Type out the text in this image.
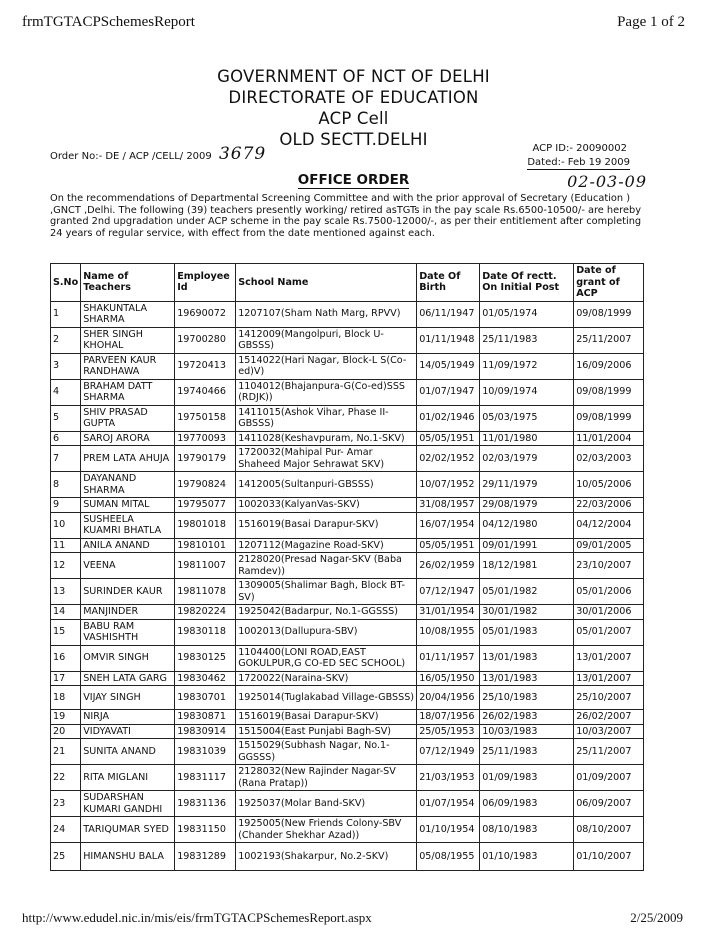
frmTGTACPSchemesReport	Page 1 of 2
GOVERNMENT OF NCT OF DELHI
DIRECTORATE OF EDUCATION
ACP Cell
OLD SECTT.DELHI
Order No:- DE / ACP /CELL/ 2009 3679	ACP ID:- 20090002
Dated:- Feb 19 2009
02-03-09
OFFICE ORDER
On the recommendations of Departmental Screening Committee and with the prior approval of Secretary (Education ) ,GNCT ,Delhi. The following (39) teachers presently working/ retired asTGTs in the pay scale Rs.6500-10500/- are hereby granted 2nd upgradation under ACP scheme in the pay scale Rs.7500-12000/-, as per their entitlement after completing 24 years of regular service, with effect from the date mentioned against each.
S.No	Name of Teachers	Employee Id	School Name	Date Of Birth	Date Of rectt. On Initial Post	Date of grant of ACP
1	SHAKUNTALA SHARMA	19690072	1207107(Sham Nath Marg, RPVV)	06/11/1947	01/05/1974	09/08/1999
2	SHER SINGH KHOHAL	19700280	1412009(Mangolpuri, Block U-GBSSS)	01/11/1948	25/11/1983	25/11/2007
3	PARVEEN KAUR RANDHAWA	19720413	1514022(Hari Nagar, Block-L S(Co-ed)V)	14/05/1949	11/09/1972	16/09/2006
4	BRAHAM DATT SHARMA	19740466	1104012(Bhajanpura-G(Co-ed)SSS (RDJK))	01/07/1947	10/09/1974	09/08/1999
5	SHIV PRASAD GUPTA	19750158	1411015(Ashok Vihar, Phase II-GBSSS)	01/02/1946	05/03/1975	09/08/1999
6	SAROJ ARORA	19770093	1411028(Keshavpuram, No.1-SKV)	05/05/1951	11/01/1980	11/01/2004
7	PREM LATA AHUJA	19790179	1720032(Mahipal Pur- Amar Shaheed Major Sehrawat SKV)	02/02/1952	02/03/1979	02/03/2003
8	DAYANAND SHARMA	19790824	1412005(Sultanpuri-GBSSS)	10/07/1952	29/11/1979	10/05/2006
9	SUMAN MITAL	19795077	1002033(KalyanVas-SKV)	31/08/1957	29/08/1979	22/03/2006
10	SUSHEELA KUAMRI BHATLA	19801018	1516019(Basai Darapur-SKV)	16/07/1954	04/12/1980	04/12/2004
11	ANILA ANAND	19810101	1207112(Magazine Road-SKV)	05/05/1951	09/01/1991	09/01/2005
12	VEENA	19811007	2128020(Presad Nagar-SKV (Baba Ramdev))	26/02/1959	18/12/1981	23/10/2007
13	SURINDER KAUR	19811078	1309005(Shalimar Bagh, Block BT-SV)	07/12/1947	05/01/1982	05/01/2006
14	MANJINDER	19820224	1925042(Badarpur, No.1-GGSSS)	31/01/1954	30/01/1982	30/01/2006
15	BABU RAM VASHISHTH	19830118	1002013(Dallupura-SBV)	10/08/1955	05/01/1983	05/01/2007
16	OMVIR SINGH	19830125	1104400(LONI ROAD,EAST GOKULPUR,G CO-ED SEC SCHOOL)	01/11/1957	13/01/1983	13/01/2007
17	SNEH LATA GARG	19830462	1720022(Naraina-SKV)	16/05/1950	13/01/1983	13/01/2007
18	VIJAY SINGH	19830701	1925014(Tuglakabad Village-GBSSS)	20/04/1956	25/10/1983	25/10/2007
19	NIRJA	19830871	1516019(Basai Darapur-SKV)	18/07/1956	26/02/1983	26/02/2007
20	VIDYAVATI	19830914	1515004(East Punjabi Bagh-SV)	25/05/1953	10/03/1983	10/03/2007
21	SUNITA ANAND	19831039	1515029(Subhash Nagar, No.1-GGSSS)	07/12/1949	25/11/1983	25/11/2007
22	RITA MIGLANI	19831117	2128032(New Rajinder Nagar-SV (Rana Pratap))	21/03/1953	01/09/1983	01/09/2007
23	SUDARSHAN KUMARI GANDHI	19831136	1925037(Molar Band-SKV)	01/07/1954	06/09/1983	06/09/2007
24	TARIQUMAR SYED	19831150	1925005(New Friends Colony-SBV (Chander Shekhar Azad))	01/10/1954	08/10/1983	08/10/2007
25	HIMANSHU BALA	19831289	1002193(Shakarpur, No.2-SKV)	05/08/1955	01/10/1983	01/10/2007
http://www.edudel.nic.in/mis/eis/frmTGTACPSchemesReport.aspx	2/25/2009
